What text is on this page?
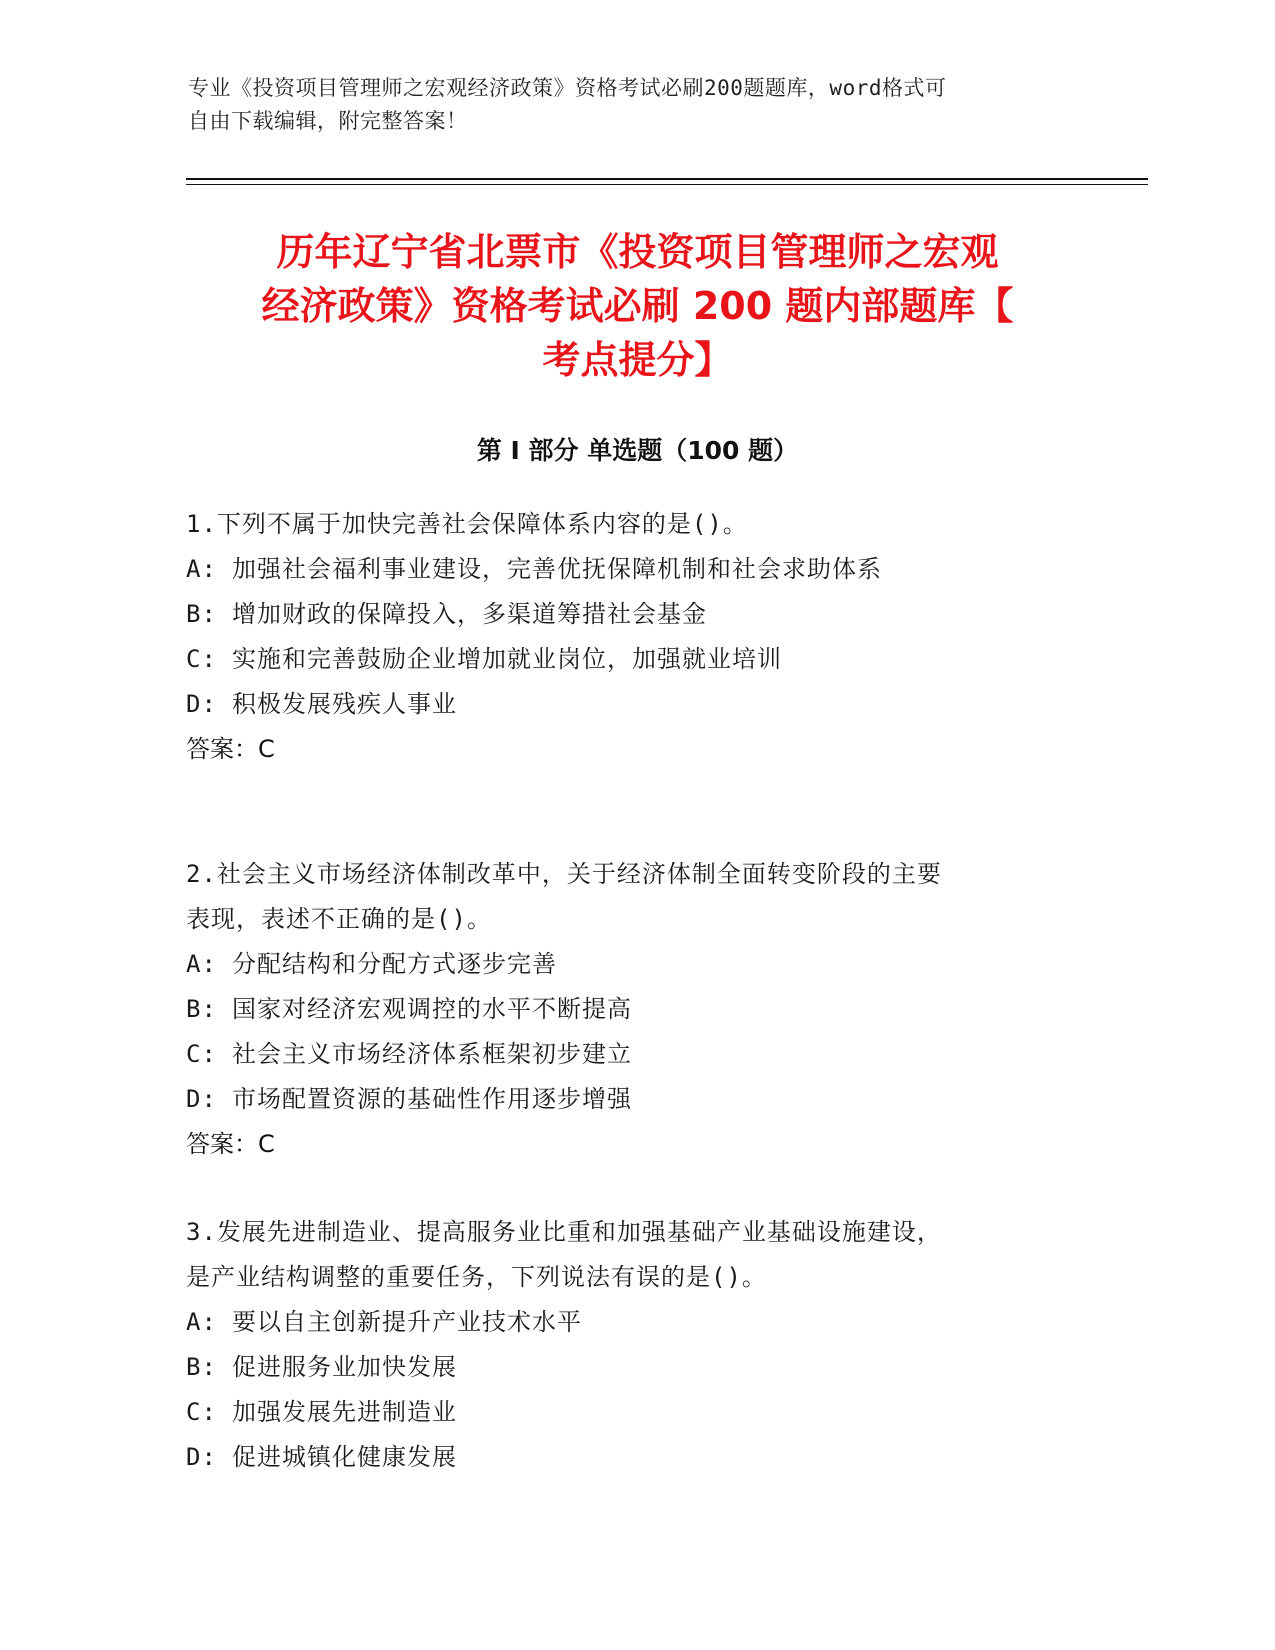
专业《投资项目管理师之宏观经济政策》资格考试必刷200题题库，word格式可
自由下载编辑，附完整答案！
历年辽宁省北票市《投资项目管理师之宏观
经济政策》资格考试必刷 200 题内部题库【
考点提分】
第 I 部分 单选题（100 题）
1.下列不属于加快完善社会保障体系内容的是()。
A: 加强社会福利事业建设，完善优抚保障机制和社会求助体系
B: 增加财政的保障投入，多渠道筹措社会基金
C: 实施和完善鼓励企业增加就业岗位，加强就业培训
D: 积极发展残疾人事业
答案：C
2.社会主义市场经济体制改革中，关于经济体制全面转变阶段的主要
表现，表述不正确的是()。
A: 分配结构和分配方式逐步完善
B: 国家对经济宏观调控的水平不断提高
C: 社会主义市场经济体系框架初步建立
D: 市场配置资源的基础性作用逐步增强
答案：C
3.发展先进制造业、提高服务业比重和加强基础产业基础设施建设，
是产业结构调整的重要任务，下列说法有误的是()。
A: 要以自主创新提升产业技术水平
B: 促进服务业加快发展
C: 加强发展先进制造业
D: 促进城镇化健康发展
